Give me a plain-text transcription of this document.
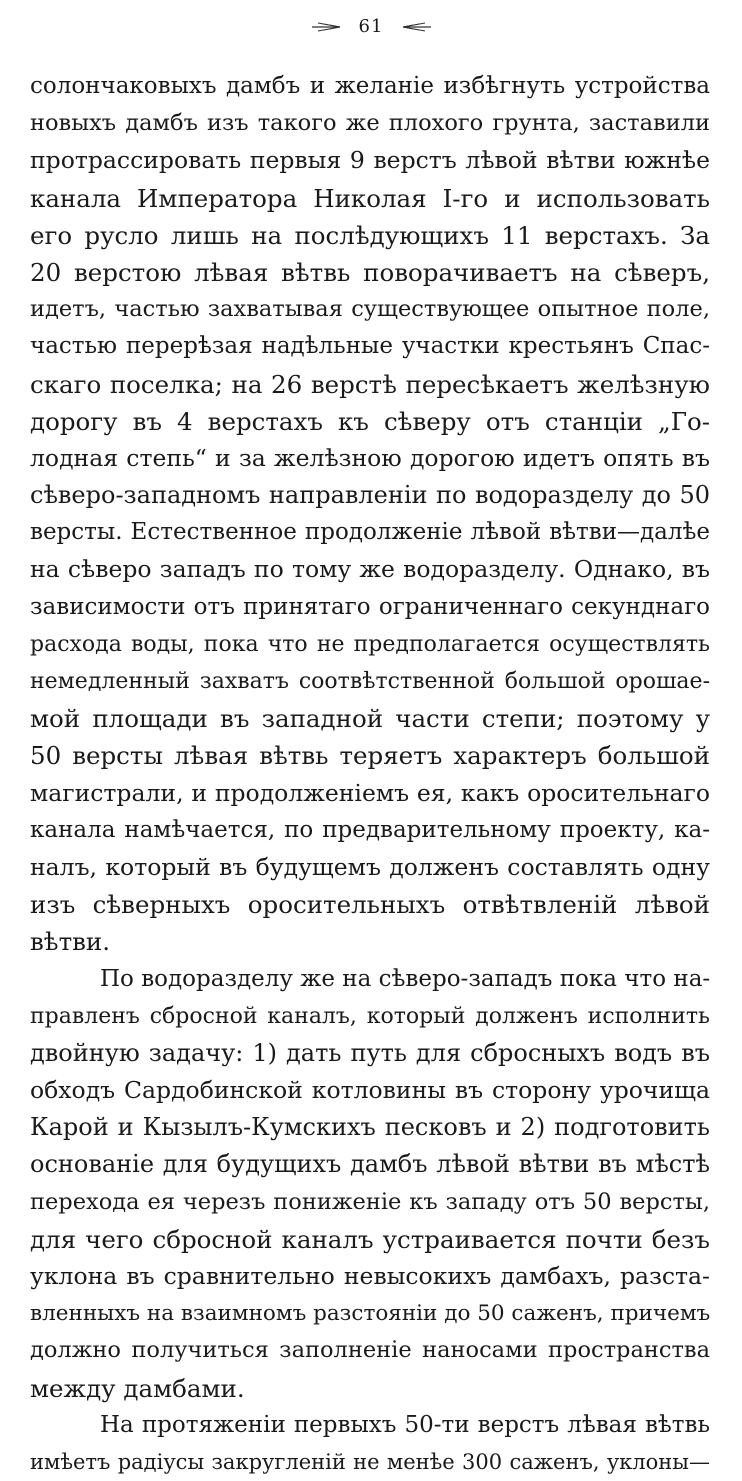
61
солончаковыхъ дамбъ и желаніе избѣгнуть устройства
новыхъ дамбъ изъ такого же плохого грунта, заставили
протрассировать первыя 9 верстъ лѣвой вѣтви южнѣе
канала Императора Николая I-го и использовать
его русло лишь на послѣдующихъ 11 верстахъ. За
20 верстою лѣвая вѣтвь поворачиваетъ на сѣверъ,
идетъ, частью захватывая существующее опытное поле,
частью перерѣзая надѣльные участки крестьянъ Спас-
скаго поселка; на 26 верстѣ пересѣкаетъ желѣзную
дорогу въ 4 верстахъ къ сѣверу отъ станціи „Го-
лодная степь“ и за желѣзною дорогою идетъ опять въ
сѣверо-западномъ направленіи по водоразделу до 50
версты. Естественное продолженіе лѣвой вѣтви—далѣе
на сѣверо западъ по тому же водоразделу. Однако, въ
зависимости отъ принятаго ограниченнаго секунднаго
расхода воды, пока что не предполагается осуществлять
немедленный захватъ соотвѣтственной большой орошае-
мой площади въ западной части степи; поэтому у
50 версты лѣвая вѣтвь теряетъ характеръ большой
магистрали, и продолженіемъ ея, какъ оросительнаго
канала намѣчается, по предварительному проекту, ка-
налъ, который въ будущемъ долженъ составлять одну
изъ сѣверныхъ оросительныхъ отвѣтвленій лѣвой
вѣтви.
По водоразделу же на сѣверо-западъ пока что на-
правленъ сбросной каналъ, который долженъ исполнить
двойную задачу: 1) дать путь для сбросныхъ водъ въ
обходъ Сардобинской котловины въ сторону урочища
Карой и Кызылъ-Кумскихъ песковъ и 2) подготовить
основаніе для будущихъ дамбъ лѣвой вѣтви въ мѣстѣ
перехода ея черезъ пониженіе къ западу отъ 50 версты,
для чего сбросной каналъ устраивается почти безъ
уклона въ сравнительно невысокихъ дамбахъ, разста-
вленныхъ на взаимномъ разстояніи до 50 саженъ, причемъ
должно получиться заполненіе наносами пространства
между дамбами.
На протяженіи первыхъ 50-ти верстъ лѣвая вѣтвь
имѣетъ радіусы закругленій не менѣе 300 саженъ, уклоны—
